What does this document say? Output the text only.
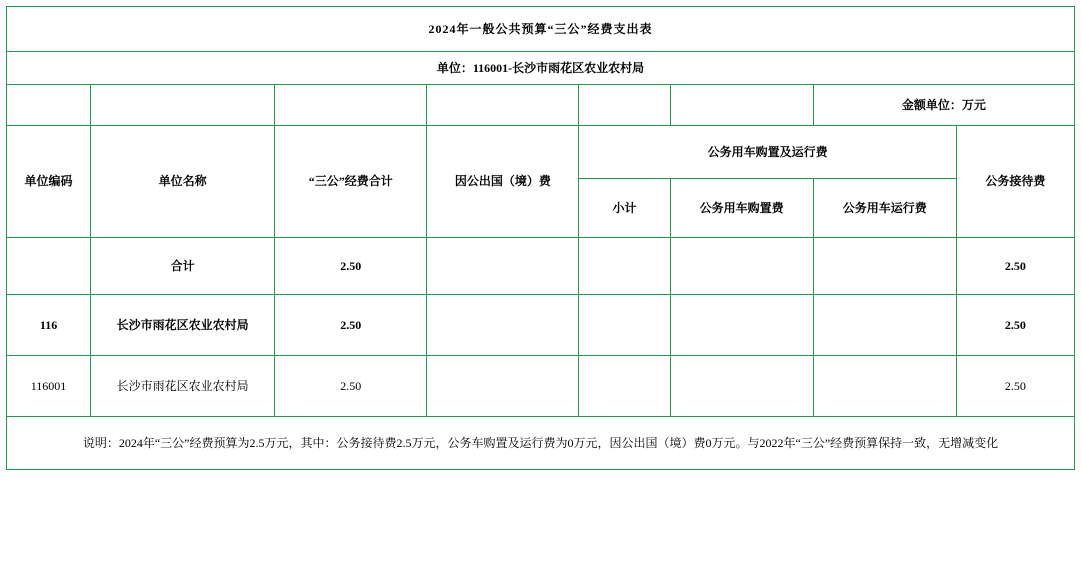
2024年一般公共预算“三公”经费支出表							
单位：116001-长沙市雨花区农业农村局							
						金额单位：万元	
单位编码	单位名称	“三公”经费合计	因公出国（境）费	公务用车购置及运行费			公务接待费
				小计	公务用车购置费	公务用车运行费	
	合计	2.50					2.50
116	长沙市雨花区农业农村局	2.50					2.50
116001	长沙市雨花区农业农村局	2.50					2.50
说明：2024年“三公”经费预算为2.5万元，其中：公务接待费2.5万元，公务车购置及运行费为0万元，因公出国（境）费0万元。与2022年“三公”经费预算保持一致，无增减变化							
